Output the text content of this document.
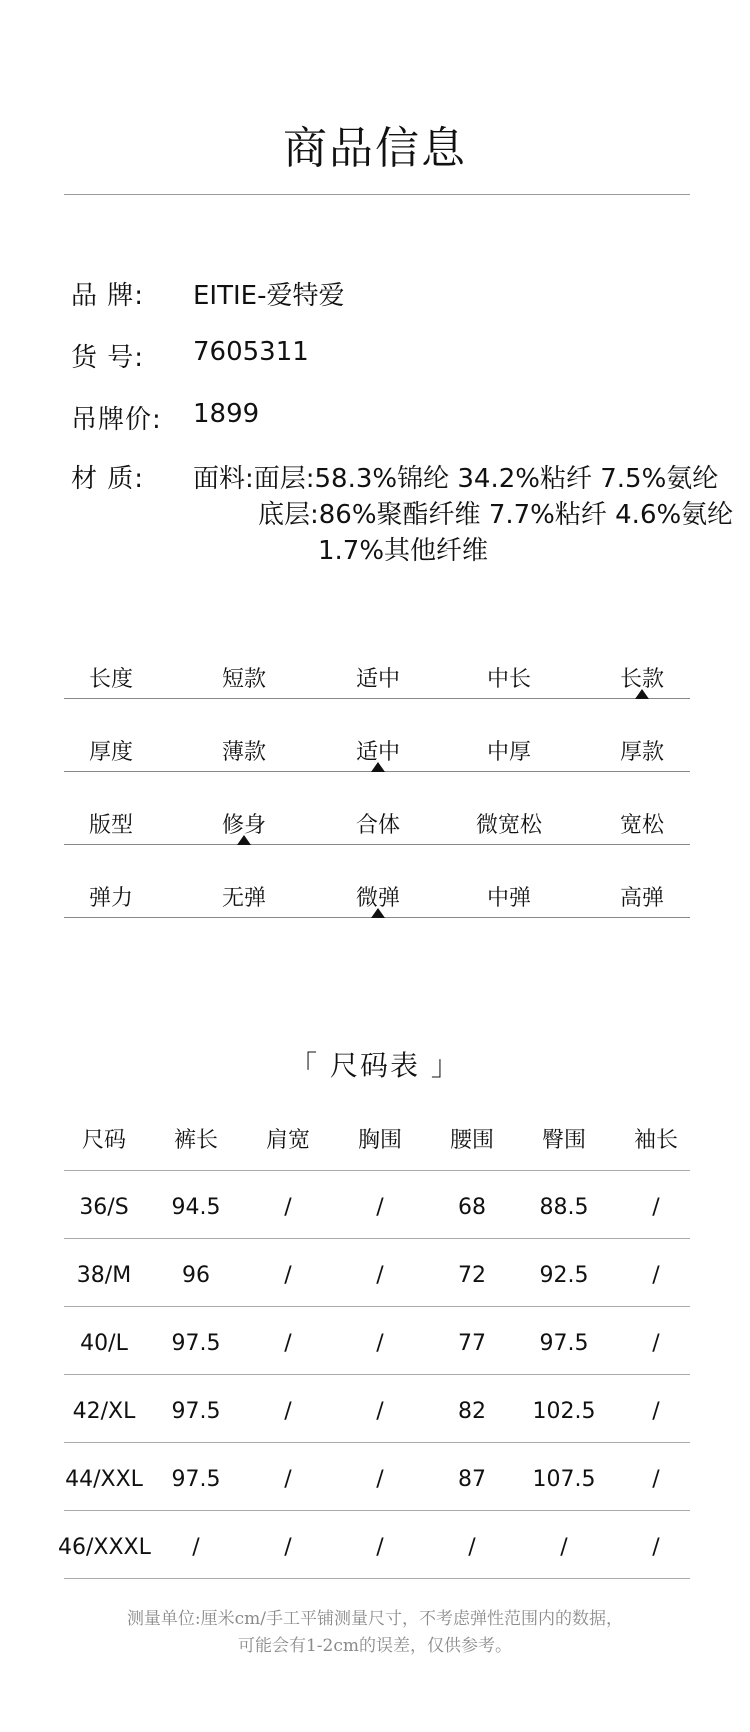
商品信息
品 牌: EITIE-爱特爱
货 号: 7605311
吊牌价: 1899
材 质: 面料:面层:58.3%锦纶 34.2%粘纤 7.5%氨纶
底层:86%聚酯纤维 7.7%粘纤 4.6%氨纶
1.7%其他纤维
长度	短款	适中	中长	长款
厚度	薄款	适中	中厚	厚款
版型	修身	合体	微宽松	宽松
弹力	无弹	微弹	中弹	高弹
「 尺码表 」
尺码	裤长	肩宽	胸围	腰围	臀围	袖长
36/S	94.5	/	/	68	88.5	/
38/M	96	/	/	72	92.5	/
40/L	97.5	/	/	77	97.5	/
42/XL	97.5	/	/	82	102.5	/
44/XXL	97.5	/	/	87	107.5	/
46/XXXL	/	/	/	/	/	/
测量单位:厘米cm/手工平铺测量尺寸，不考虑弹性范围内的数据，
可能会有1-2cm的误差，仅供参考。
